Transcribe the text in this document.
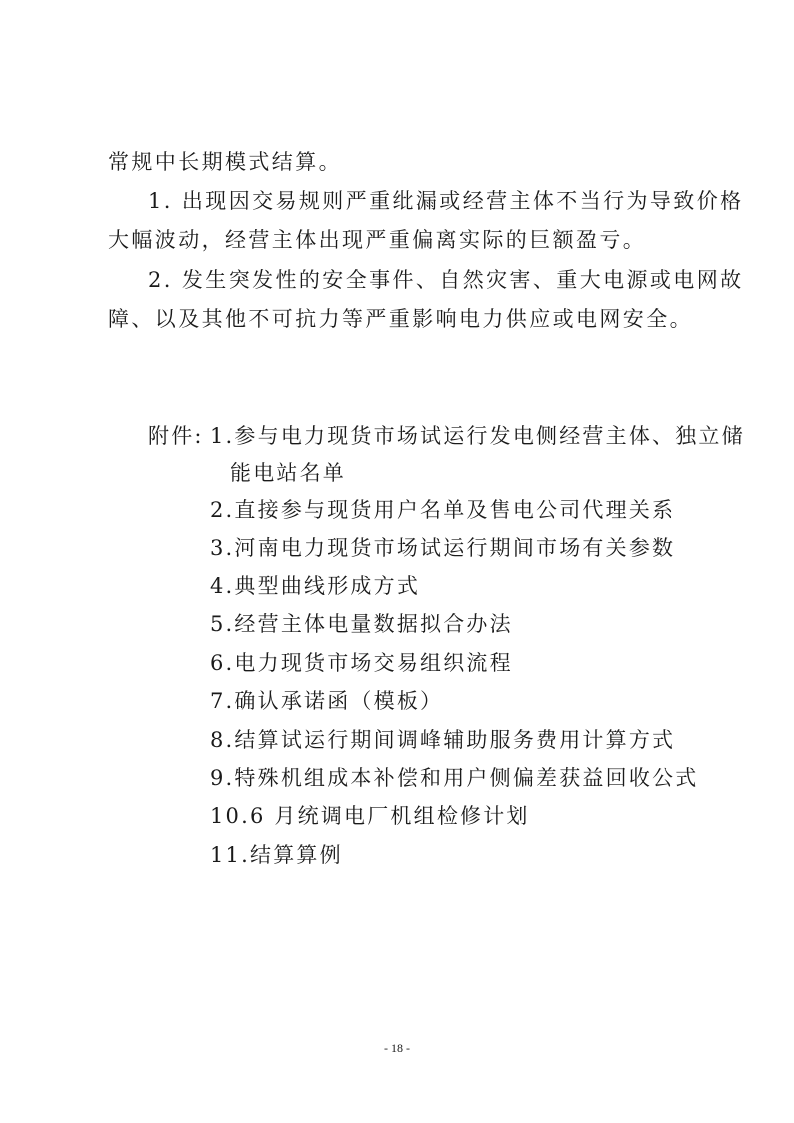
常规中长期模式结算。
1. 出现因交易规则严重纰漏或经营主体不当行为导致价格
大幅波动，经营主体出现严重偏离实际的巨额盈亏。
2. 发生突发性的安全事件、自然灾害、重大电源或电网故
障、以及其他不可抗力等严重影响电力供应或电网安全。
附件: 1.参与电力现货市场试运行发电侧经营主体、独立储
能电站名单
2.直接参与现货用户名单及售电公司代理关系
3.河南电力现货市场试运行期间市场有关参数
4.典型曲线形成方式
5.经营主体电量数据拟合办法
6.电力现货市场交易组织流程
7.确认承诺函（模板）
8.结算试运行期间调峰辅助服务费用计算方式
9.特殊机组成本补偿和用户侧偏差获益回收公式
10.6 月统调电厂机组检修计划
11.结算算例
- 18 -
